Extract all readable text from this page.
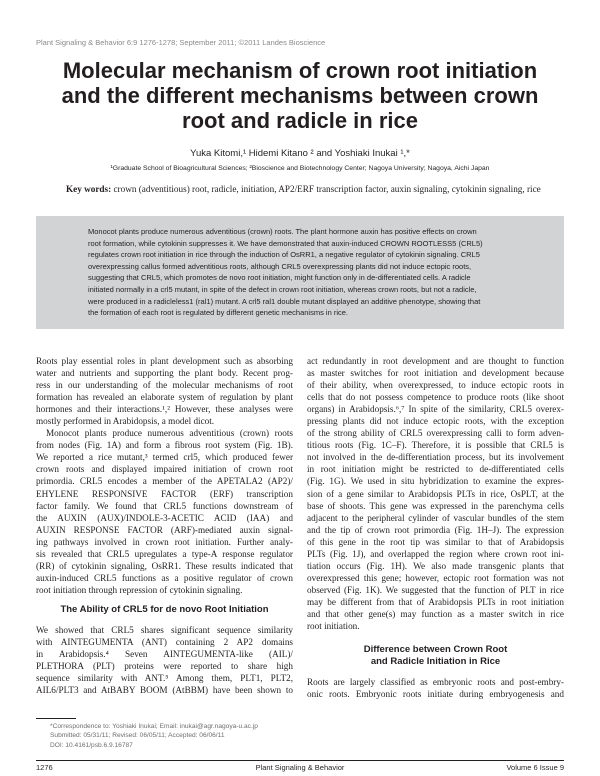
Plant Signaling & Behavior 6:9 1276-1278; September 2011; ©2011 Landes Bioscience
Molecular mechanism of crown root initiation
and the different mechanisms between crown
root and radicle in rice
Yuka Kitomi,¹ Hidemi Kitano ² and Yoshiaki Inukai ¹,*
¹Graduate School of Bioagricultural Sciences; ²Bioscience and Biotechnology Center; Nagoya University; Nagoya, Aichi Japan
Key words: crown (adventitious) root, radicle, initiation, AP2/ERF transcription factor, auxin signaling, cytokinin signaling, rice
Monocot plants produce numerous adventitious (crown) roots. The plant hormone auxin has positive effects on crown
root formation, while cytokinin suppresses it. We have demonstrated that auxin-induced CROWN ROOTLESS5 (CRL5)
regulates crown root initiation in rice through the induction of OsRR1, a negative regulator of cytokinin signaling. CRL5
overexpressing callus formed adventitious roots, although CRL5 overexpressing plants did not induce ectopic roots,
suggesting that CRL5, which promotes de novo root initiation, might function only in de-differentiated cells. A radicle
initiated normally in a crl5 mutant, in spite of the defect in crown root initiation, whereas crown roots, but not a radicle,
were produced in a radicleless1 (ral1) mutant. A crl5 ral1 double mutant displayed an additive phenotype, showing that
the formation of each root is regulated by different genetic mechanisms in rice.
Roots play essential roles in plant development such as absorbing
water and nutrients and supporting the plant body. Recent prog-
ress in our understanding of the molecular mechanisms of root
formation has revealed an elaborate system of regulation by plant
hormones and their interactions.¹,² However, these analyses were
mostly performed in Arabidopsis, a model dicot.
Monocot plants produce numerous adventitious (crown) roots
from nodes (Fig. 1A) and form a fibrous root system (Fig. 1B).
We reported a rice mutant,³ termed crl5, which produced fewer
crown roots and displayed impaired initiation of crown root
primordia. CRL5 encodes a member of the APETALA2 (AP2)/
EHYLENE RESPONSIVE FACTOR (ERF) transcription
factor family. We found that CRL5 functions downstream of
the AUXIN (AUX)/INDOLE-3-ACETIC ACID (IAA) and
AUXIN RESPONSE FACTOR (ARF)-mediated auxin signal-
ing pathways involved in crown root initiation. Further analy-
sis revealed that CRL5 upregulates a type-A response regulator
(RR) of cytokinin signaling, OsRR1. These results indicated that
auxin-induced CRL5 functions as a positive regulator of crown
root initiation through repression of cytokinin signaling.
The Ability of CRL5 for de novo Root Initiation
We showed that CRL5 shares significant sequence similarity
with AINTEGUMENTA (ANT) containing 2 AP2 domains
in Arabidopsis.⁴ Seven AINTEGUMENTA-like (AIL)/
PLETHORA (PLT) proteins were reported to share high
sequence similarity with ANT.⁵ Among them, PLT1, PLT2,
AIL6/PLT3 and AtBABY BOOM (AtBBM) have been shown to
act redundantly in root development and are thought to function
as master switches for root initiation and development because
of their ability, when overexpressed, to induce ectopic roots in
cells that do not possess competence to produce roots (like shoot
organs) in Arabidopsis.⁶,⁷ In spite of the similarity, CRL5 overex-
pressing plants did not induce ectopic roots, with the exception
of the strong ability of CRL5 overexpressing calli to form adven-
titious roots (Fig. 1C–F). Therefore, it is possible that CRL5 is
not involved in the de-differentiation process, but its involvement
in root initiation might be restricted to de-differentiated cells
(Fig. 1G). We used in situ hybridization to examine the expres-
sion of a gene similar to Arabidopsis PLTs in rice, OsPLT, at the
base of shoots. This gene was expressed in the parenchyma cells
adjacent to the peripheral cylinder of vascular bundles of the stem
and the tip of crown root primordia (Fig. 1H–J). The expression
of this gene in the root tip was similar to that of Arabidopsis
PLTs (Fig. 1J), and overlapped the region where crown root ini-
tiation occurs (Fig. 1H). We also made transgenic plants that
overexpressed this gene; however, ectopic root formation was not
observed (Fig. 1K). We suggested that the function of PLT in rice
may be different from that of Arabidopsis PLTs in root initiation
and that other gene(s) may function as a master switch in rice
root initiation.
Difference between Crown Root
and Radicle Initiation in Rice
Roots are largely classified as embryonic roots and post-embry-
onic roots. Embryonic roots initiate during embryogenesis and
*Correspondence to: Yoshiaki Inukai; Email: inukai@agr.nagoya-u.ac.jp
Submitted: 05/31/11; Revised: 06/05/11; Accepted: 06/06/11
DOI: 10.4161/psb.6.9.16787
1276	Plant Signaling & Behavior	Volume 6 Issue 9
